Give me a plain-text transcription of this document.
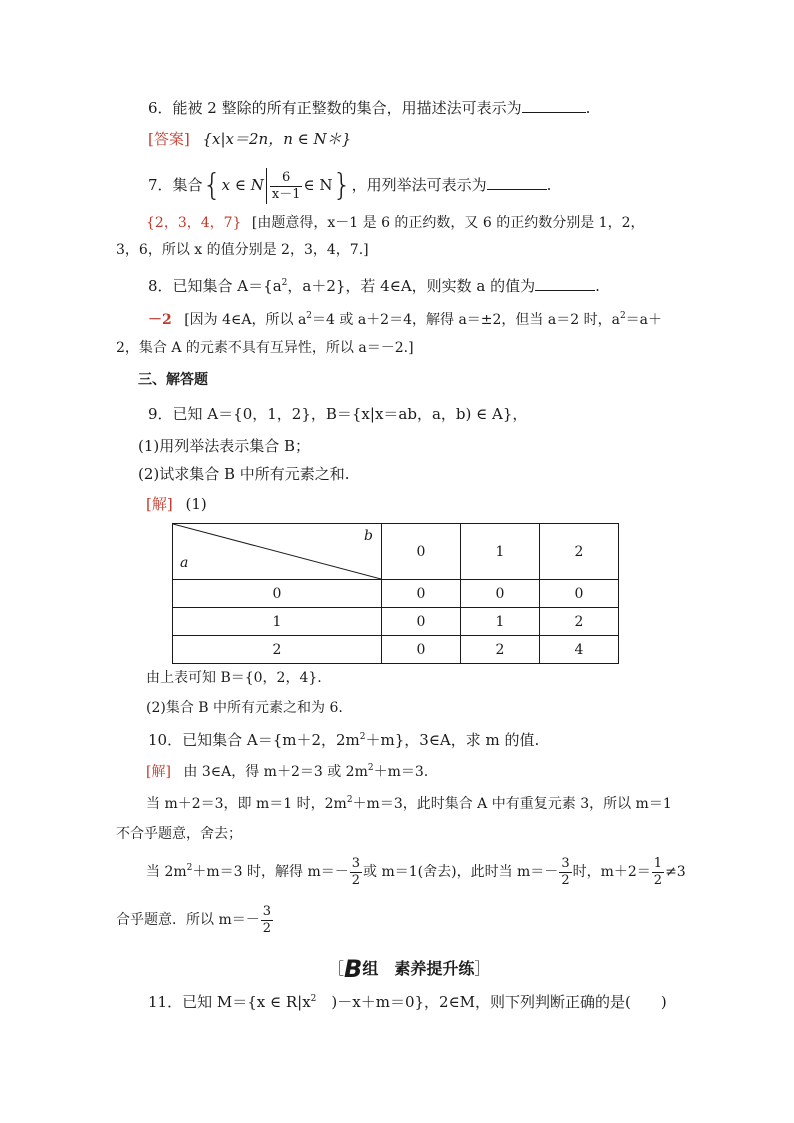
6．能被 2 整除的所有正整数的集合，用描述法可表示为	.
[答案] {x|x＝2n，n ∈ N＊}
7．集合{x ∈ N $\frac{6}{x-1}$ ∈ N}，用列举法可表示为	.
{2，3，4，7} [由题意得，x－1 是 6 的正约数，又 6 的正约数分别是 1，2，
3，6，所以 x 的值分别是 2，3，4，7.]
8．已知集合 $A=\{a^2$，a＋2}，若 4∈A，则实数 a 的值为	.
－2 [因为 4∈A，所以 $a^2=4$ 或 a＋2＝4，解得 a＝±2，但当 a＝2 时，$a^2=a+$
2，集合 A 的元素不具有互异性，所以 a＝－2.]
三、解答题
9．已知 A＝{0，1，2}，B＝{x|x＝ab，a，b) ∈ A}，
(1)用列举法表示集合 B；
(2)试求集合 B 中所有元素之和.
[解] (1)
b
a	0	1	2
0	0	0	0
1	0	1	2
2	0	2	4
由上表可知 B＝{0，2，4}.
(2)集合 B 中所有元素之和为 6.
10．已知集合 A＝{m＋2，$2m^2+m$}，3∈A，求 m 的值.
[解] 由 3∈A，得 m＋2＝3 或 $2m^2+m=3$.
当 m＋2＝3，即 m＝1 时，$2m^2+m=3$，此时集合 A 中有重复元素 3，所以 m＝1
不合乎题意，舍去；
当 $2m^2+m=3$ 时，解得 $m=- \frac{3}{2}$ 或 m＝1(舍去)，此时当 $m=- \frac{3}{2}$ 时，$m+2= \frac{1}{2} \ne 3$
合乎题意．所以 $m=- \frac{3}{2}$
［B组　素养提升练］
11．已知 M＝{x ∈ $R|x^2$　)－x＋m＝0}，2∈M，则下列判断正确的是(　　)
